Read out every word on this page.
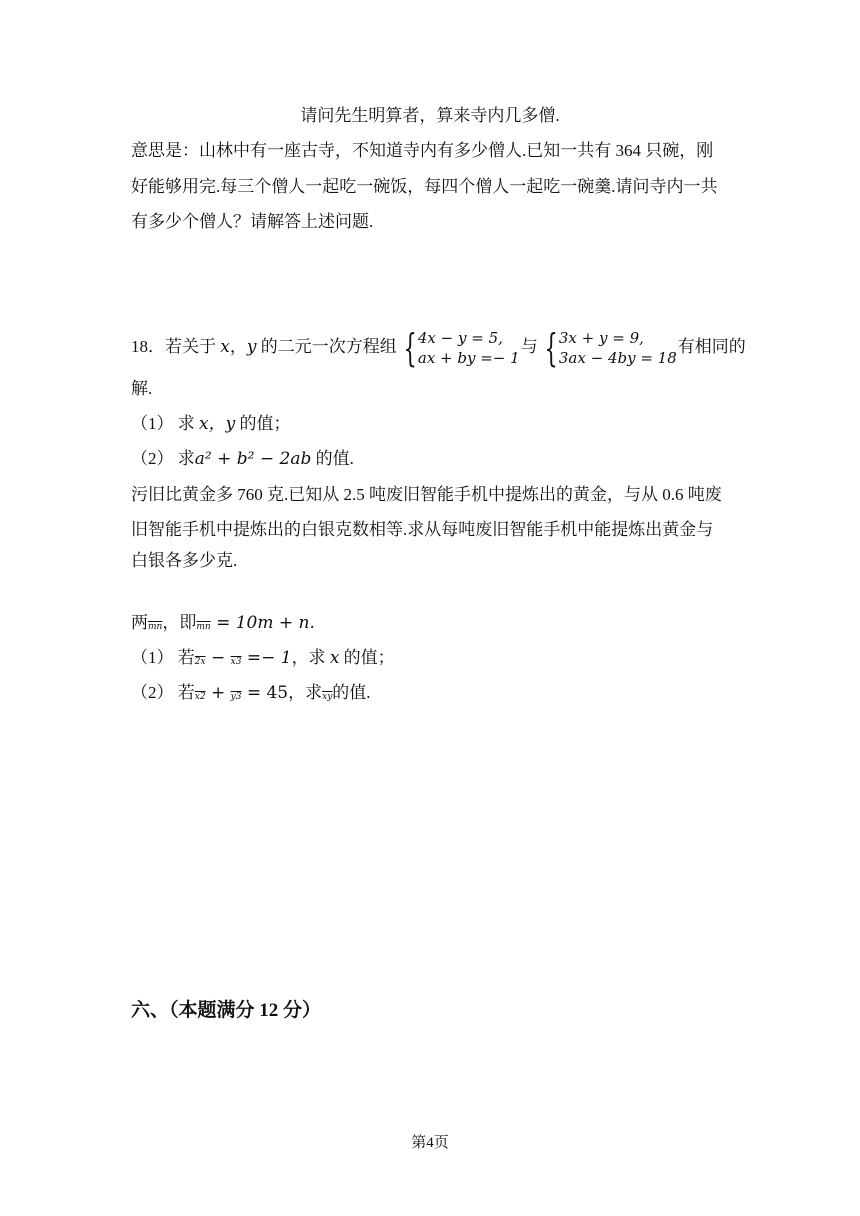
请问先生明算者，算来寺内几多僧.
意思是：山林中有一座古寺，不知道寺内有多少僧人.已知一共有 364 只碗，刚
好能够用完.每三个僧人一起吃一碗饭，每四个僧人一起吃一碗羹.请问寺内一共
有多少个僧人？请解答上述问题.
18．若关于 x，y 的二元一次方程组 { 4x − y = 5,
ax + by =− 1
与 { 3x + y = 9,
3ax − 4by = 18
有相同的
解.
（1） 求 x，y 的值；
（2） 求a² + b² − 2ab 的值.
污旧比黄金多 760 克.已知从 2.5 吨废旧智能手机中提炼出的黄金，与从 0.6 吨废
旧智能手机中提炼出的白银克数相等.求从每吨废旧智能手机中能提炼出黄金与
白银各多少克.
两$\overline{mn}$，即$\overline{mn} = 10m + n$.
（1） 若2x − x3 =− 1，求 x 的值；
（2） 若x2 + y3 = 45，求$\overline{xy}$的值.
六、（本题满分 12 分）
第4页
